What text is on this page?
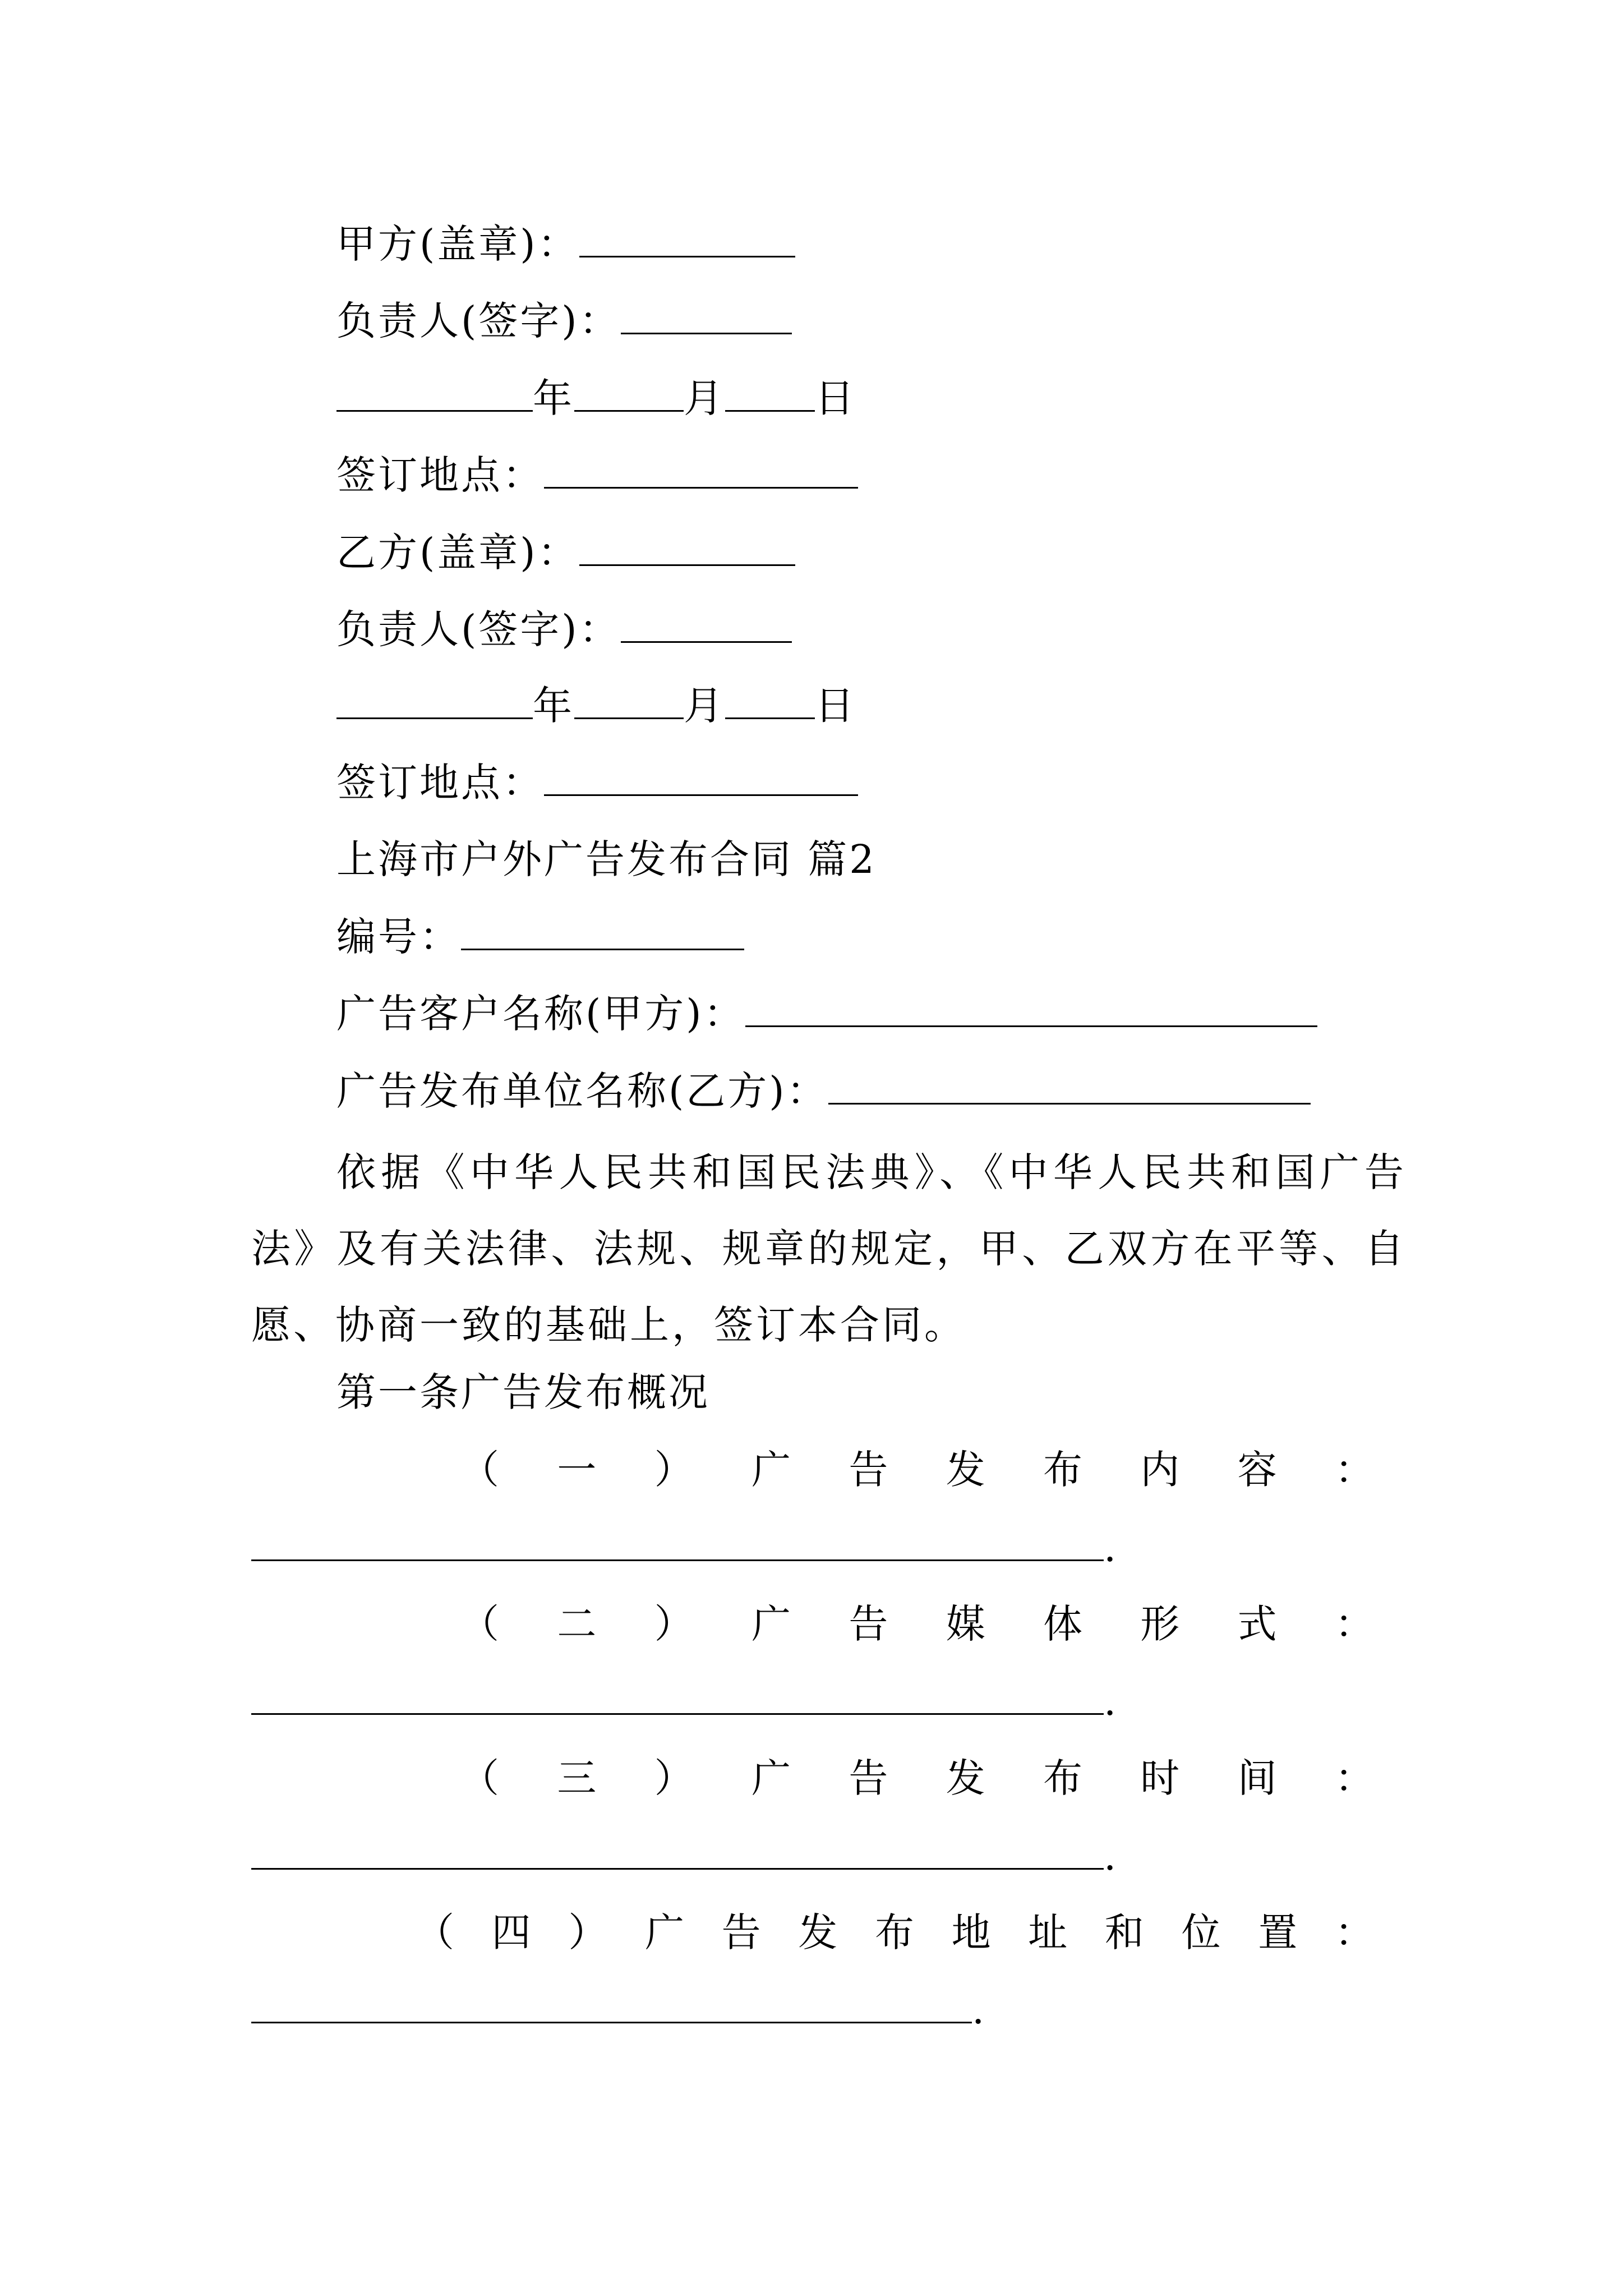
甲方(盖章)：
负责人(签字)：
年	月 日
签订地点：
乙方(盖章)：
负责人(签字)：
年	月 日
签订地点：
上海市户外广告发布合同 篇2
编号：
广告客户名称(甲方)：
广告发布单位名称(乙方)：
依据《中华人民共和国民法典》、《中华人民共和国广告法》及有关法律、法规、规章的规定，甲、乙双方在平等、自愿、协商一致的基础上，签订本合同。
第一条广告发布概况
（ 一 ） 广 告 发 布 内 容 ：
.
（ 二 ） 广 告 媒 体 形 式 ：
.
（ 三 ） 广 告 发 布 时 间 ：
.
（ 四 ） 广 告 发 布 地 址 和 位 置 ：
.
